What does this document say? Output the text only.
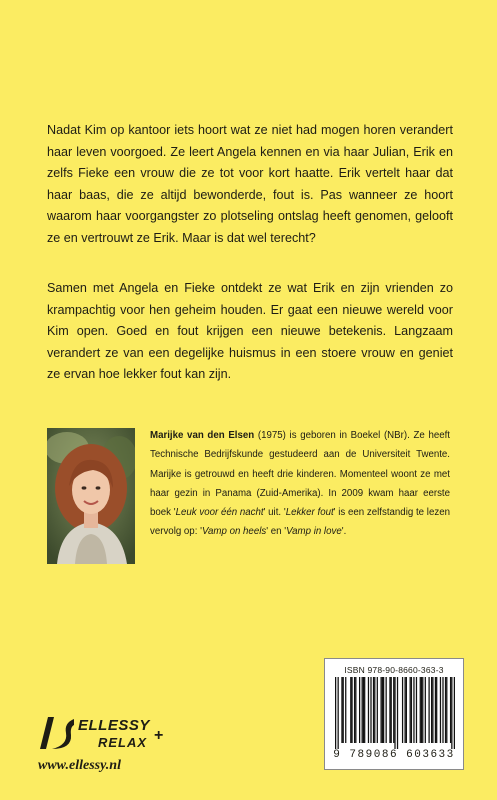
Nadat Kim op kantoor iets hoort wat ze niet had mogen horen verandert haar leven voorgoed. Ze leert Angela kennen en via haar Julian, Erik en zelfs Fieke een vrouw die ze tot voor kort haatte. Erik vertelt haar dat haar baas, die ze altijd bewonderde, fout is. Pas wanneer ze hoort waarom haar voorgangster zo plotseling ontslag heeft genomen, gelooft ze en vertrouwt ze Erik. Maar is dat wel terecht?

Samen met Angela en Fieke ontdekt ze wat Erik en zijn vrienden zo krampachtig voor hen geheim houden. Er gaat een nieuwe wereld voor Kim open. Goed en fout krijgen een nieuwe betekenis. Langzaam verandert ze van een degelijke huismus in een stoere vrouw en geniet ze ervan hoe lekker fout kan zijn.

Marijke van den Elsen (1975) is geboren in Boekel (NBr). Ze heeft Technische Bedrijfskunde gestudeerd aan de Universiteit Twente. Marijke is getrouwd en heeft drie kinderen. Momenteel woont ze met haar gezin in Panama (Zuid-Amerika). In 2009 kwam haar eerste boek 'Leuk voor één nacht' uit. 'Lekker fout' is een zelfstandig te lezen vervolg op: 'Vamp on heels' en 'Vamp in love'.

ISBN 978-90-8660-363-3
9 789086 603633
ELLESSY
RELAX +
www.ellessy.nl
